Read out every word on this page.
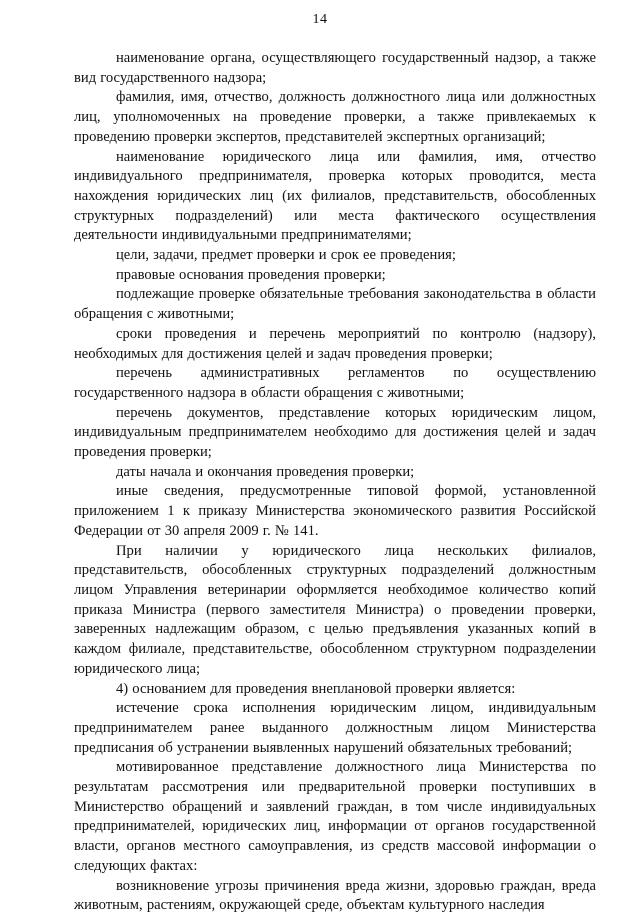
14

наименование органа, осуществляющего государственный надзор, а также вид государственного надзора;

фамилия, имя, отчество, должность должностного лица или должностных лиц, уполномоченных на проведение проверки, а также привлекаемых к проведению проверки экспертов, представителей экспертных организаций;

наименование юридического лица или фамилия, имя, отчество индивидуального предпринимателя, проверка которых проводится, места нахождения юридических лиц (их филиалов, представительств, обособленных структурных подразделений) или места фактического осуществления деятельности индивидуальными предпринимателями;

цели, задачи, предмет проверки и срок ее проведения;

правовые основания проведения проверки;

подлежащие проверке обязательные требования законодательства в области обращения с животными;

сроки проведения и перечень мероприятий по контролю (надзору), необходимых для достижения целей и задач проведения проверки;

перечень административных регламентов по осуществлению государственного надзора в области обращения с животными;

перечень документов, представление которых юридическим лицом, индивидуальным предпринимателем необходимо для достижения целей и задач проведения проверки;

даты начала и окончания проведения проверки;

иные сведения, предусмотренные типовой формой, установленной приложением 1 к приказу Министерства экономического развития Российской Федерации от 30 апреля 2009 г. № 141.

При наличии у юридического лица нескольких филиалов, представительств, обособленных структурных подразделений должностным лицом Управления ветеринарии оформляется необходимое количество копий приказа Министра (первого заместителя Министра) о проведении проверки, заверенных надлежащим образом, с целью предъявления указанных копий в каждом филиале, представительстве, обособленном структурном подразделении юридического лица;

4) основанием для проведения внеплановой проверки является:

истечение срока исполнения юридическим лицом, индивидуальным предпринимателем ранее выданного должностным лицом Министерства предписания об устранении выявленных нарушений обязательных требований;

мотивированное представление должностного лица Министерства по результатам рассмотрения или предварительной проверки поступивших в Министерство обращений и заявлений граждан, в том числе индивидуальных предпринимателей, юридических лиц, информации от органов государственной власти, органов местного самоуправления, из средств массовой информации о следующих фактах:

возникновение угрозы причинения вреда жизни, здоровью граждан, вреда животным, растениям, окружающей среде, объектам культурного наследия
